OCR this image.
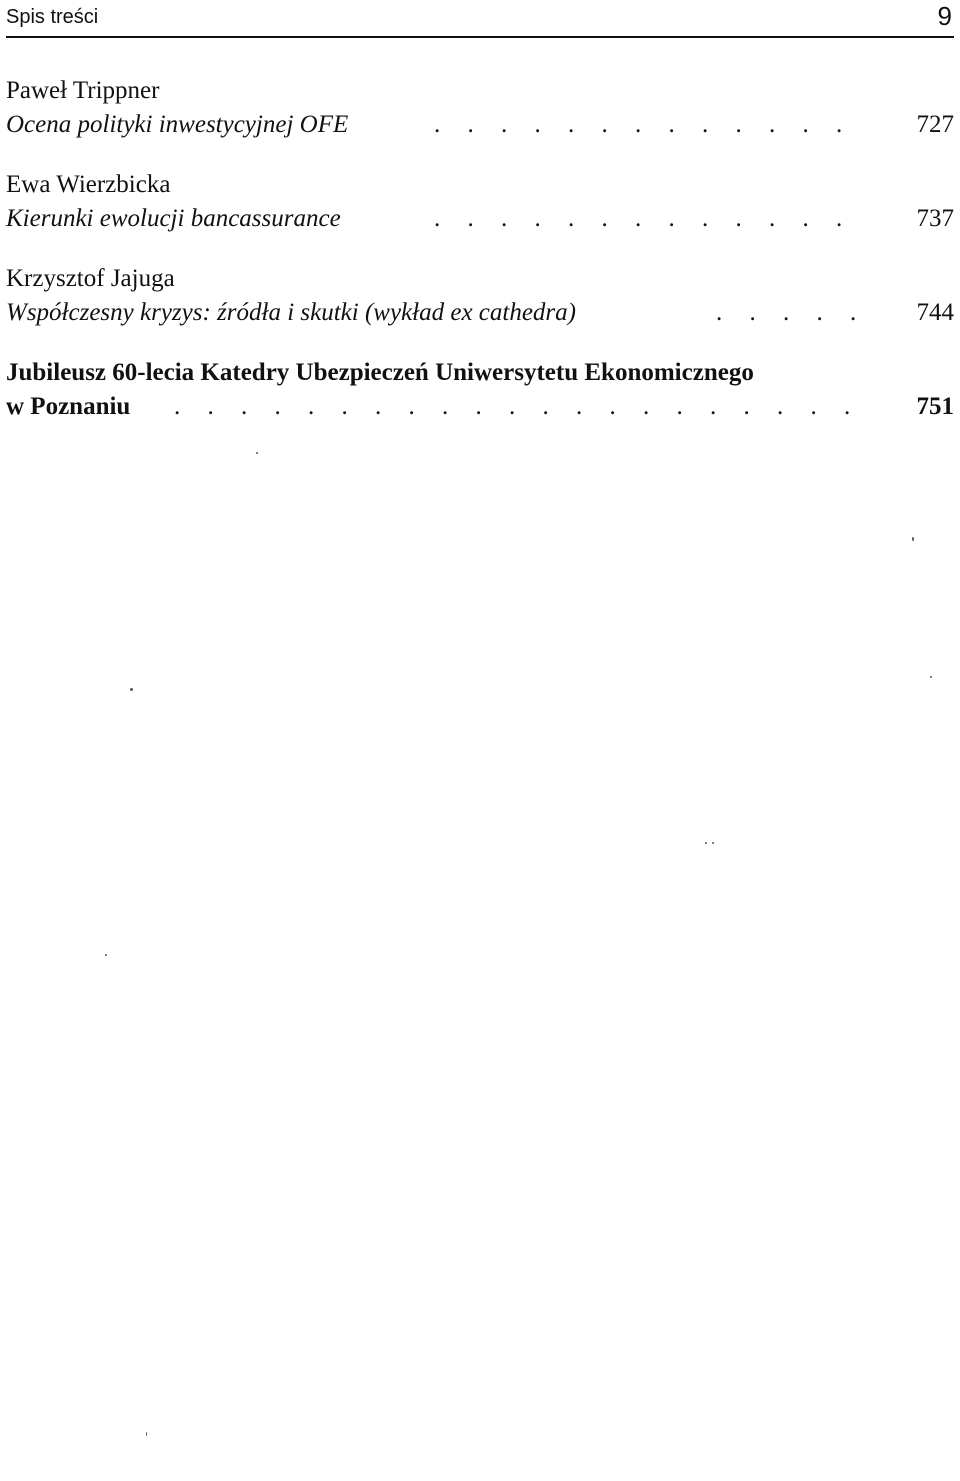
Spis treści	9
Paweł Trippner
Ocena polityki inwestycyjnej OFE	. . . . . . . . . . . . .	727
Ewa Wierzbicka
Kierunki ewolucji bancassurance	. . . . . . . . . . . . .	737
Krzysztof Jajuga
Współczesny kryzys: źródła i skutki (wykład ex cathedra)	. . . . . 744
Jubileusz 60-lecia Katedry Ubezpieczeń Uniwersytetu Ekonomicznego
w Poznaniu . . . . . . . . . . . . . . . . . . . . . 751
